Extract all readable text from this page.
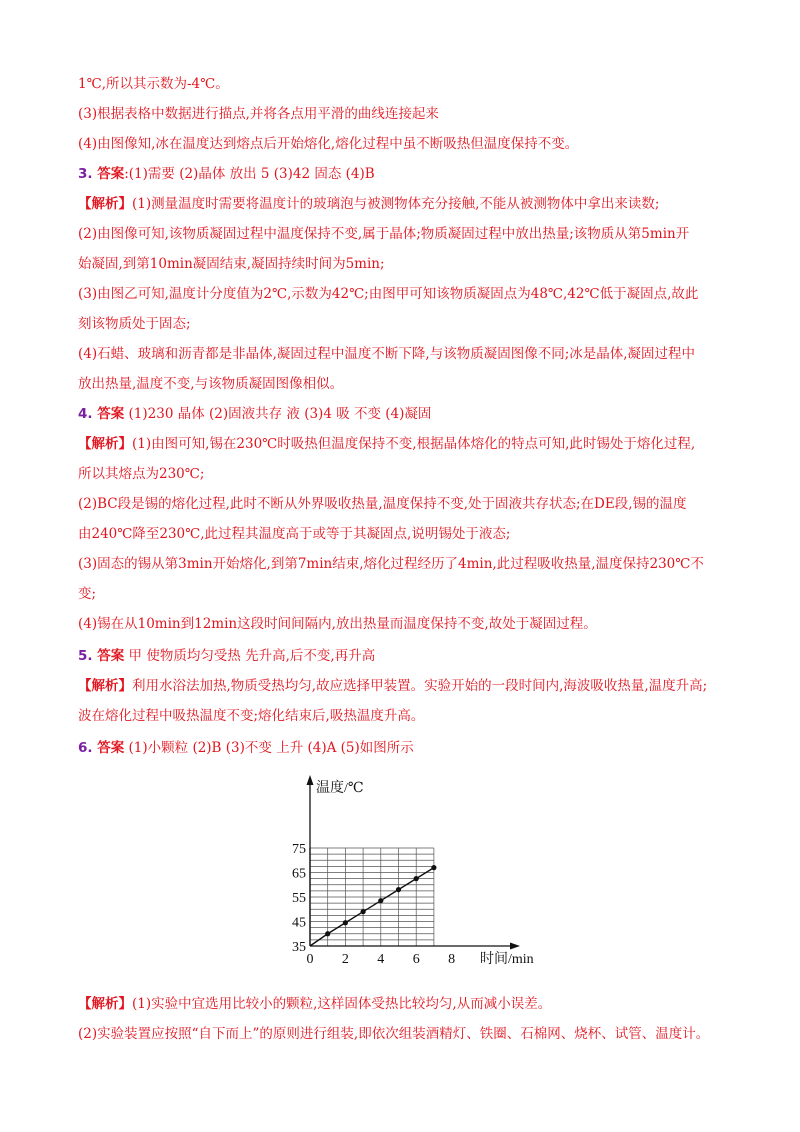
1℃,所以其示数为-4℃。
(3)根据表格中数据进行描点,并将各点用平滑的曲线连接起来
(4)由图像知,冰在温度达到熔点后开始熔化,熔化过程中虽不断吸热但温度保持不变。
3. 答案:(1)需要 (2)晶体 放出 5 (3)42 固态 (4)B
【解析】(1)测量温度时需要将温度计的玻璃泡与被测物体充分接触,不能从被测物体中拿出来读数;
(2)由图像可知,该物质凝固过程中温度保持不变,属于晶体;物质凝固过程中放出热量;该物质从第5min开
始凝固,到第10min凝固结束,凝固持续时间为5min;
(3)由图乙可知,温度计分度值为2℃,示数为42℃;由图甲可知该物质凝固点为48℃,42℃低于凝固点,故此
刻该物质处于固态;
(4)石蜡、玻璃和沥青都是非晶体,凝固过程中温度不断下降,与该物质凝固图像不同;冰是晶体,凝固过程中
放出热量,温度不变,与该物质凝固图像相似。
4. 答案 (1)230 晶体 (2)固液共存 液 (3)4 吸 不变 (4)凝固
【解析】(1)由图可知,锡在230℃时吸热但温度保持不变,根据晶体熔化的特点可知,此时锡处于熔化过程,
所以其熔点为230℃;
(2)BC段是锡的熔化过程,此时不断从外界吸收热量,温度保持不变,处于固液共存状态;在DE段,锡的温度
由240℃降至230℃,此过程其温度高于或等于其凝固点,说明锡处于液态;
(3)固态的锡从第3min开始熔化,到第7min结束,熔化过程经历了4min,此过程吸收热量,温度保持230℃不
变;
(4)锡在从10min到12min这段时间间隔内,放出热量而温度保持不变,故处于凝固过程。
5. 答案 甲 使物质均匀受热 先升高,后不变,再升高
【解析】利用水浴法加热,物质受热均匀,故应选择甲装置。实验开始的一段时间内,海波吸收热量,温度升高;
波在熔化过程中吸热温度不变;熔化结束后,吸热温度升高。
6. 答案 (1)小颗粒 (2)B (3)不变 上升 (4)A (5)如图所示
【解析】(1)实验中宜选用比较小的颗粒,这样固体受热比较均匀,从而减小误差。
(2)实验装置应按照“自下而上”的原则进行组装,即依次组装酒精灯、铁圈、石棉网、烧杯、试管、温度计。
0 2 4 6 8
35
45
55
65
75
时间/min
温度/℃
